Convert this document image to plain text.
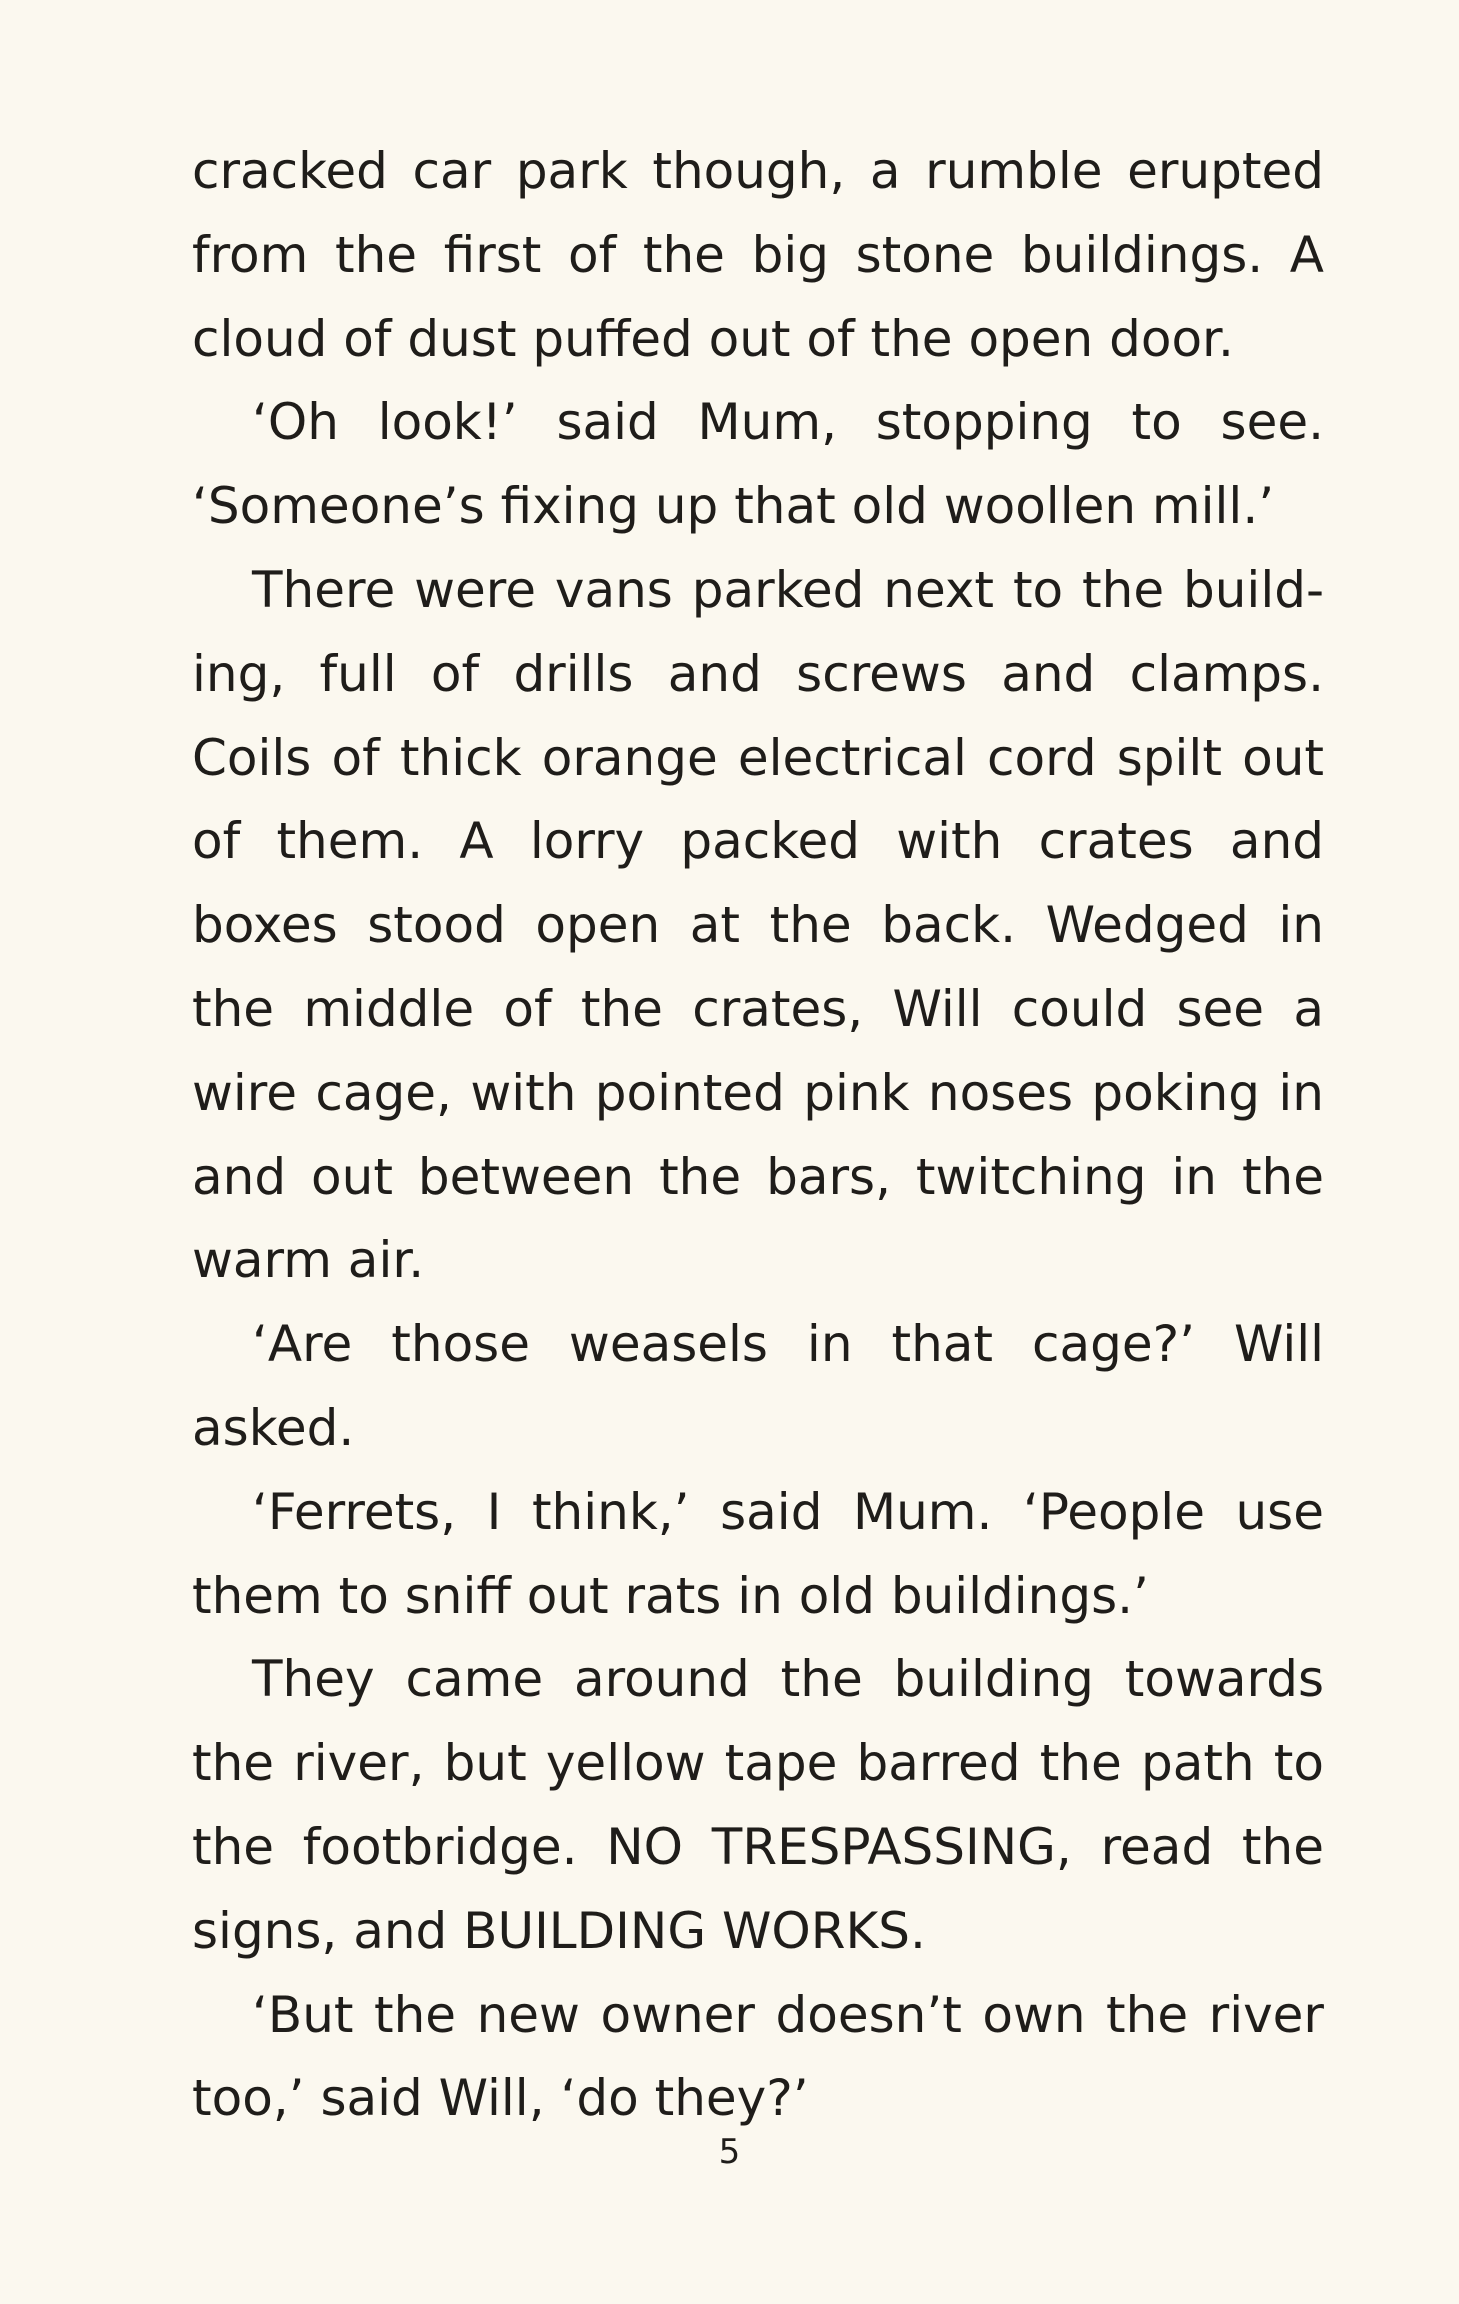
cracked car park though, a rumble erupted from the first of the big stone buildings. A cloud of dust puffed out of the open door.

‘Oh look!’ said Mum, stopping to see. ‘Someone’s fixing up that old woollen mill.’

There were vans parked next to the build-ing, full of drills and screws and clamps. Coils of thick orange electrical cord spilt out of them. A lorry packed with crates and boxes stood open at the back. Wedged in the middle of the crates, Will could see a wire cage, with pointed pink noses poking in and out between the bars, twitching in the warm air.

‘Are those weasels in that cage?’ Will asked.

‘Ferrets, I think,’ said Mum. ‘People use them to sniff out rats in old buildings.’

They came around the building towards the river, but yellow tape barred the path to the footbridge. NO TRESPASSING, read the signs, and BUILDING WORKS.

‘But the new owner doesn’t own the river too,’ said Will, ‘do they?’

5
